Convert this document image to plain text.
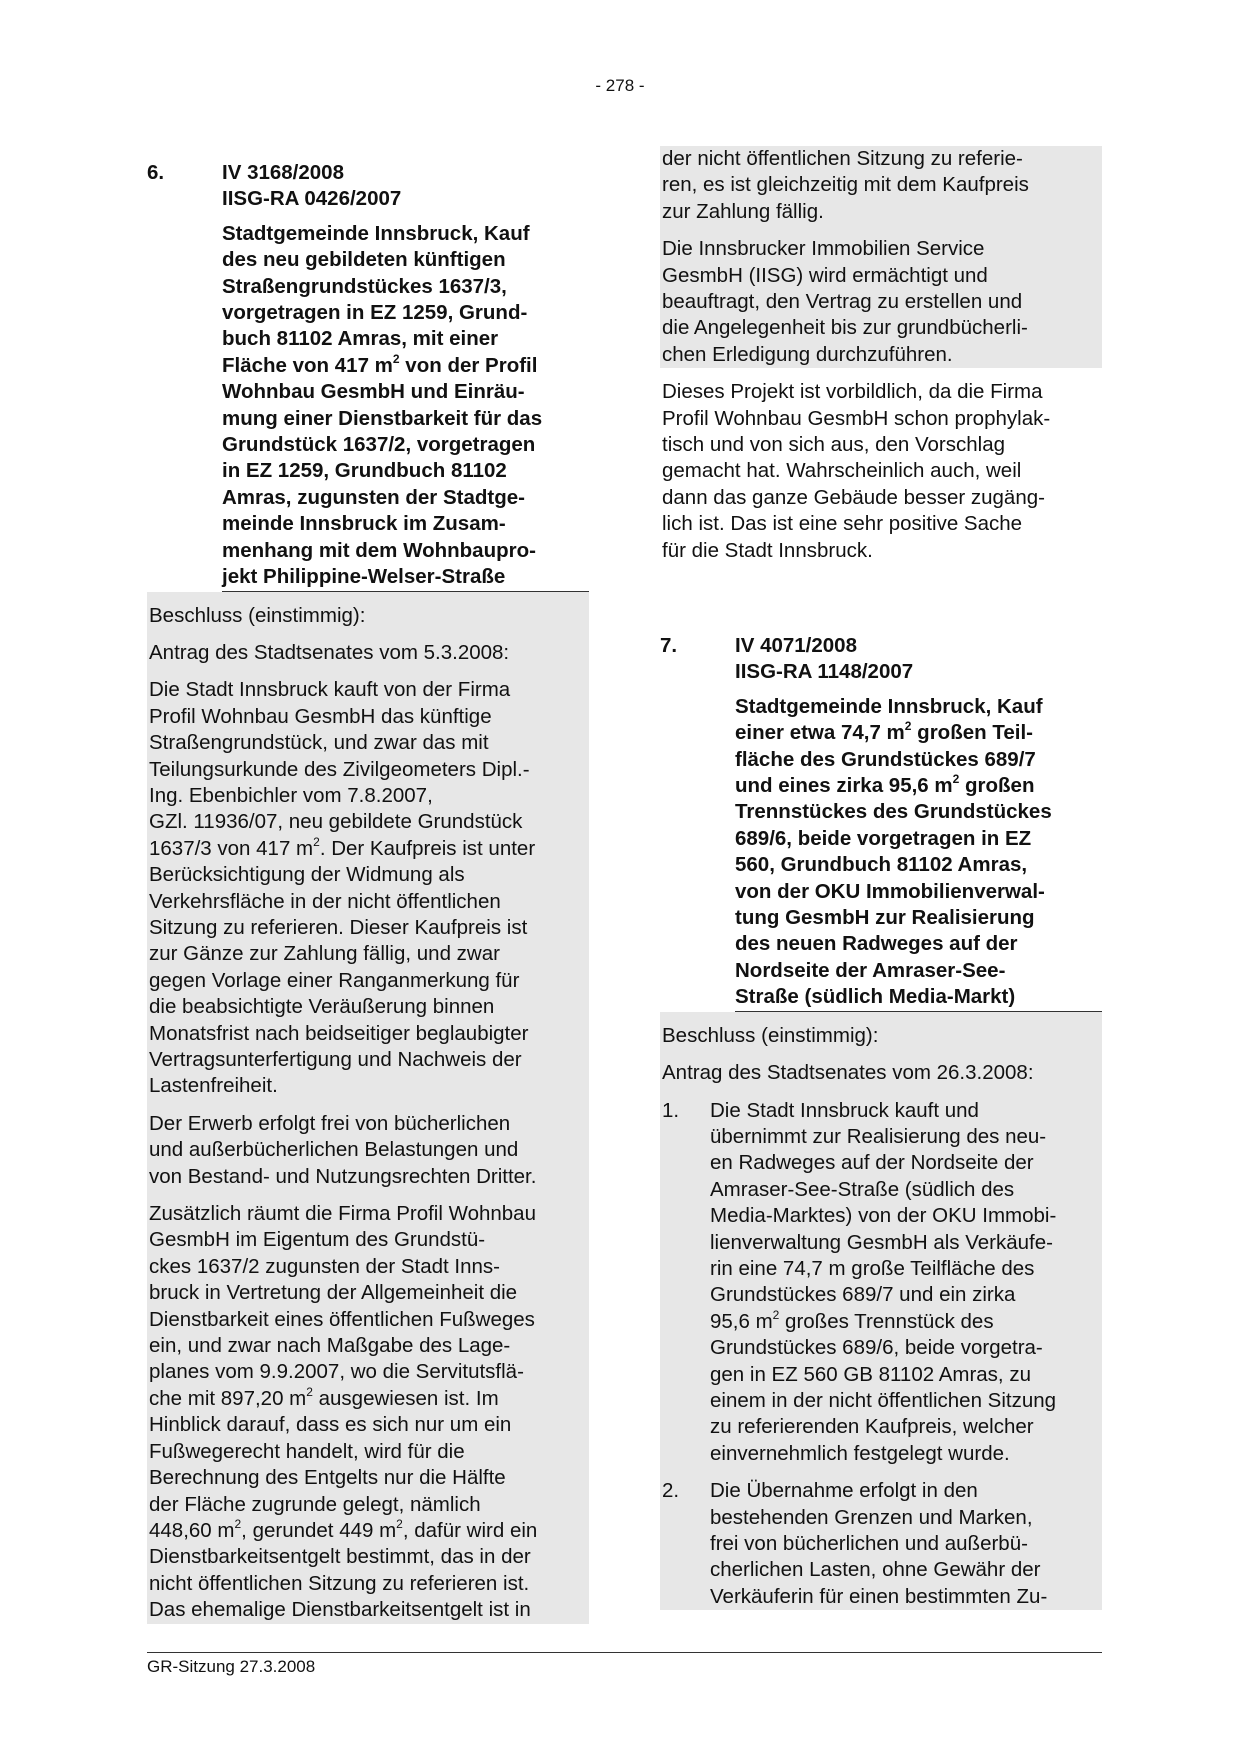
- 278 -
6.	IV 3168/2008
IISG-RA 0426/2007
Stadtgemeinde Innsbruck, Kauf
des neu gebildeten künftigen
Straßengrundstückes 1637/3,
vorgetragen in EZ 1259, Grund-
buch 81102 Amras, mit einer
Fläche von 417 $m^2$ von der Profil
Wohnbau GesmbH und Einräu-
mung einer Dienstbarkeit für das
Grundstück 1637/2, vorgetragen
in EZ 1259, Grundbuch 81102
Amras, zugunsten der Stadtge-
meinde Innsbruck im Zusam-
menhang mit dem Wohnbaupro-
jekt Philippine-Welser-Straße

Beschluss (einstimmig):

Antrag des Stadtsenates vom 5.3.2008:

Die Stadt Innsbruck kauft von der Firma
Profil Wohnbau GesmbH das künftige
Straßengrundstück, und zwar das mit
Teilungsurkunde des Zivilgeometers Dipl.-
Ing. Ebenbichler vom 7.8.2007,
GZl. 11936/07, neu gebildete Grundstück
1637/3 von 417 $m^2$. Der Kaufpreis ist unter
Berücksichtigung der Widmung als
Verkehrsfläche in der nicht öffentlichen
Sitzung zu referieren. Dieser Kaufpreis ist
zur Gänze zur Zahlung fällig, und zwar
gegen Vorlage einer Ranganmerkung für
die beabsichtigte Veräußerung binnen
Monatsfrist nach beidseitiger beglaubigter
Vertragsunterfertigung und Nachweis der
Lastenfreiheit.
Der Erwerb erfolgt frei von bücherlichen
und außerbücherlichen Belastungen und
von Bestand- und Nutzungsrechten Dritter.
Zusätzlich räumt die Firma Profil Wohnbau
GesmbH im Eigentum des Grundstü-
ckes 1637/2 zugunsten der Stadt Inns-
bruck in Vertretung der Allgemeinheit die
Dienstbarkeit eines öffentlichen Fußweges
ein, und zwar nach Maßgabe des Lage-
planes vom 9.9.2007, wo die Servitutsflä-
che mit 897,20 $m^2$ ausgewiesen ist. Im
Hinblick darauf, dass es sich nur um ein
Fußwegerecht handelt, wird für die
Berechnung des Entgelts nur die Hälfte
der Fläche zugrunde gelegt, nämlich
448,60 $m^2$, gerundet 449 $m^2$, dafür wird ein
Dienstbarkeitsentgelt bestimmt, das in der
nicht öffentlichen Sitzung zu referieren ist.
Das ehemalige Dienstbarkeitsentgelt ist in
der nicht öffentlichen Sitzung zu referie-
ren, es ist gleichzeitig mit dem Kaufpreis
zur Zahlung fällig.
Die Innsbrucker Immobilien Service
GesmbH (IISG) wird ermächtigt und
beauftragt, den Vertrag zu erstellen und
die Angelegenheit bis zur grundbücherli-
chen Erledigung durchzuführen.
Dieses Projekt ist vorbildlich, da die Firma
Profil Wohnbau GesmbH schon prophylak-
tisch und von sich aus, den Vorschlag
gemacht hat. Wahrscheinlich auch, weil
dann das ganze Gebäude besser zugäng-
lich ist. Das ist eine sehr positive Sache
für die Stadt Innsbruck.
7.	IV 4071/2008
IISG-RA 1148/2007
Stadtgemeinde Innsbruck, Kauf
einer etwa 74,7 $m^2$ großen Teil-
fläche des Grundstückes 689/7
und eines zirka 95,6 $m^2$ großen
Trennstückes des Grundstückes
689/6, beide vorgetragen in EZ
560, Grundbuch 81102 Amras,
von der OKU Immobilienverwal-
tung GesmbH zur Realisierung
des neuen Radweges auf der
Nordseite der Amraser-See-
Straße (südlich Media-Markt)

Beschluss (einstimmig):

Antrag des Stadtsenates vom 26.3.2008:

1.	Die Stadt Innsbruck kauft und
übernimmt zur Realisierung des neu-
en Radweges auf der Nordseite der
Amraser-See-Straße (südlich des
Media-Marktes) von der OKU Immobi-
lienverwaltung GesmbH als Verkäufe-
rin eine 74,7 m große Teilfläche des
Grundstückes 689/7 und ein zirka
95,6 $m^2$ großes Trennstück des
Grundstückes 689/6, beide vorgetra-
gen in EZ 560 GB 81102 Amras, zu
einem in der nicht öffentlichen Sitzung
zu referierenden Kaufpreis, welcher
einvernehmlich festgelegt wurde.
2.	Die Übernahme erfolgt in den
bestehenden Grenzen und Marken,
frei von bücherlichen und außerbü-
cherlichen Lasten, ohne Gewähr der
Verkäuferin für einen bestimmten Zu-
GR-Sitzung 27.3.2008
